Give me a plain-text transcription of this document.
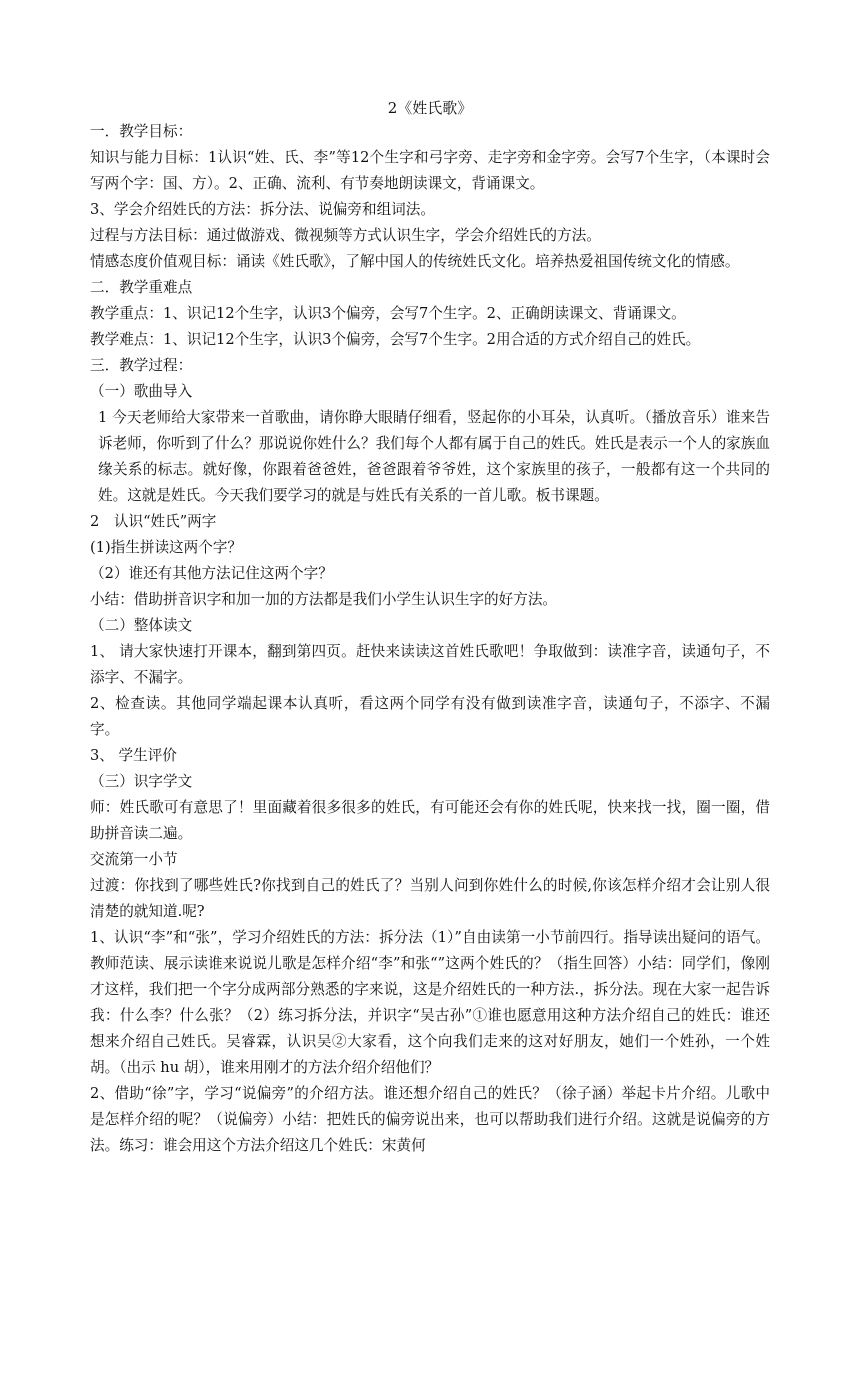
2《姓氏歌》

一．教学目标：

知识与能力目标：1认识“姓、氏、李”等12个生字和弓字旁、走字旁和金字旁。会写7个生字，（本课时会写两个字：国、方）。2、正确、流利、有节奏地朗读课文，背诵课文。

3、学会介绍姓氏的方法：拆分法、说偏旁和组词法。

过程与方法目标：通过做游戏、微视频等方式认识生字，学会介绍姓氏的方法。

情感态度价值观目标：诵读《姓氏歌》，了解中国人的传统姓氏文化。培养热爱祖国传统文化的情感。

二．教学重难点

教学重点：1、识记12个生字，认识3个偏旁，会写7个生字。2、正确朗读课文、背诵课文。

教学难点：1、识记12个生字，认识3个偏旁，会写7个生字。2用合适的方式介绍自己的姓氏。

三．教学过程：

（一）歌曲导入

1 今天老师给大家带来一首歌曲，请你睁大眼睛仔细看，竖起你的小耳朵，认真听。（播放音乐）谁来告诉老师，你听到了什么？那说说你姓什么？我们每个人都有属于自己的姓氏。姓氏是表示一个人的家族血缘关系的标志。就好像，你跟着爸爸姓，爸爸跟着爷爷姓，这个家族里的孩子，一般都有这一个共同的姓。这就是姓氏。今天我们要学习的就是与姓氏有关系的一首儿歌。板书课题。

2　认识“姓氏”两字

(1)指生拼读这两个字？

（2）谁还有其他方法记住这两个字？

小结：借助拼音识字和加一加的方法都是我们小学生认识生字的好方法。

（二）整体读文

1、 请大家快速打开课本，翻到第四页。赶快来读读这首姓氏歌吧！争取做到：读准字音，读通句子，不添字、不漏字。

2、检查读。其他同学端起课本认真听，看这两个同学有没有做到读准字音，读通句子，不添字、不漏字。

3、 学生评价

（三）识字学文

师：姓氏歌可有意思了！里面藏着很多很多的姓氏，有可能还会有你的姓氏呢，快来找一找，圈一圈，借助拼音读二遍。

交流第一小节

过渡：你找到了哪些姓氏?你找到自己的姓氏了？当别人问到你姓什么的时候,你该怎样介绍才会让别人很清楚的就知道.呢?

1、认识“李”和“张”，学习介绍姓氏的方法：拆分法（1）”自由读第一小节前四行。指导读出疑问的语气。教师范读、展示读谁来说说儿歌是怎样介绍“李”和张“”这两个姓氏的？（指生回答）小结：同学们，像刚才这样，我们把一个字分成两部分熟悉的字来说，这是介绍姓氏的一种方法.，拆分法。现在大家一起告诉我：什么李？什么张？（2）练习拆分法，并识字“吴古孙”①谁也愿意用这种方法介绍自己的姓氏：谁还想来介绍自己姓氏。吴睿霖，认识吴②大家看，这个向我们走来的这对好朋友，她们一个姓孙，一个姓胡。（出示 hu 胡），谁来用刚才的方法介绍介绍他们？

2、借助“徐”字，学习“说偏旁”的介绍方法。谁还想介绍自己的姓氏？（徐子涵）举起卡片介绍。儿歌中是怎样介绍的呢？（说偏旁）小结：把姓氏的偏旁说出来，也可以帮助我们进行介绍。这就是说偏旁的方法。练习：谁会用这个方法介绍这几个姓氏：宋黄何
